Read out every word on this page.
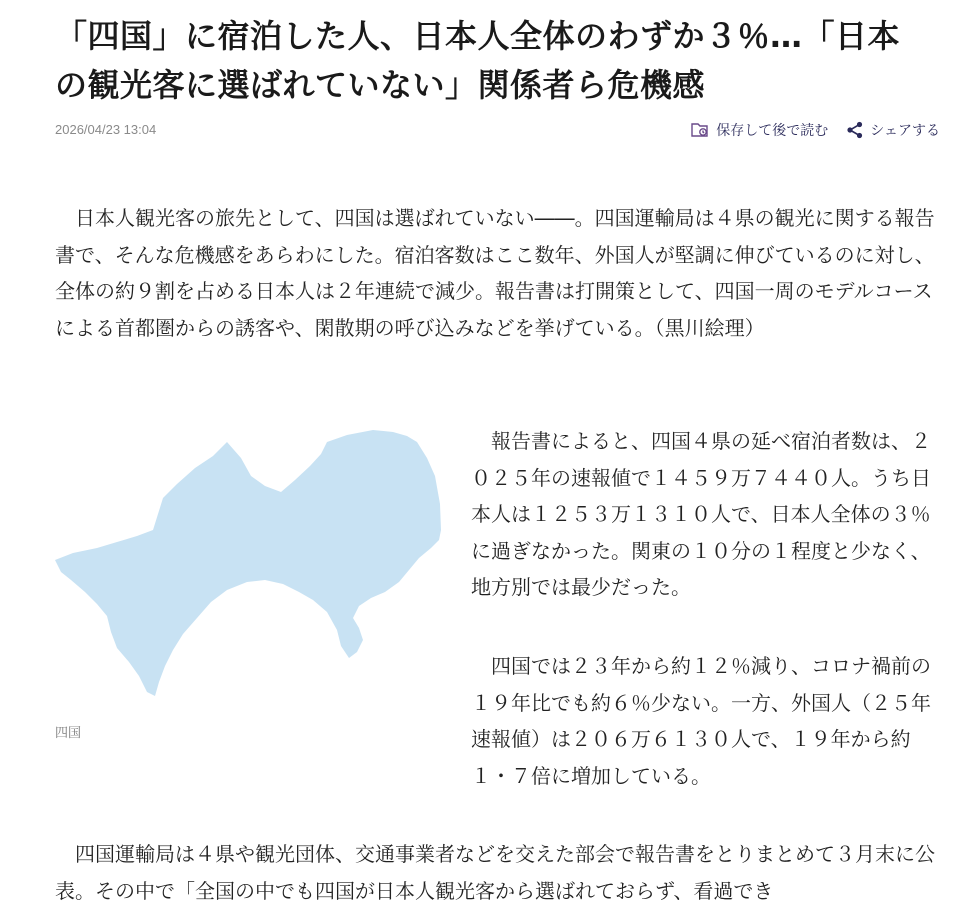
「四国」に宿泊した人、日本人全体のわずか３％…「日本の観光客に選ばれていない」関係者ら危機感
2026/04/23 13:04	保存して後で読む	シェアする

日本人観光客の旅先として、四国は選ばれていない――。四国運輸局は４県の観光に関する報告書で、そんな危機感をあらわにした。宿泊客数はここ数年、外国人が堅調に伸びているのに対し、全体の約９割を占める日本人は２年連続で減少。報告書は打開策として、四国一周のモデルコースによる首都圏からの誘客や、閑散期の呼び込みなどを挙げている。（黒川絵理）

四国

報告書によると、四国４県の延べ宿泊者数は、２０２５年の速報値で１４５９万７４４０人。うち日本人は１２５３万１３１０人で、日本人全体の３％に過ぎなかった。関東の１０分の１程度と少なく、地方別では最少だった。

四国では２３年から約１２％減り、コロナ禍前の１９年比でも約６％少ない。一方、外国人（２５年速報値）は２０６万６１３０人で、１９年から約１・７倍に増加している。

四国運輸局は４県や観光団体、交通事業者などを交えた部会で報告書をとりまとめて３月末に公表。その中で「全国の中でも四国が日本人観光客から選ばれておらず、看過でき
